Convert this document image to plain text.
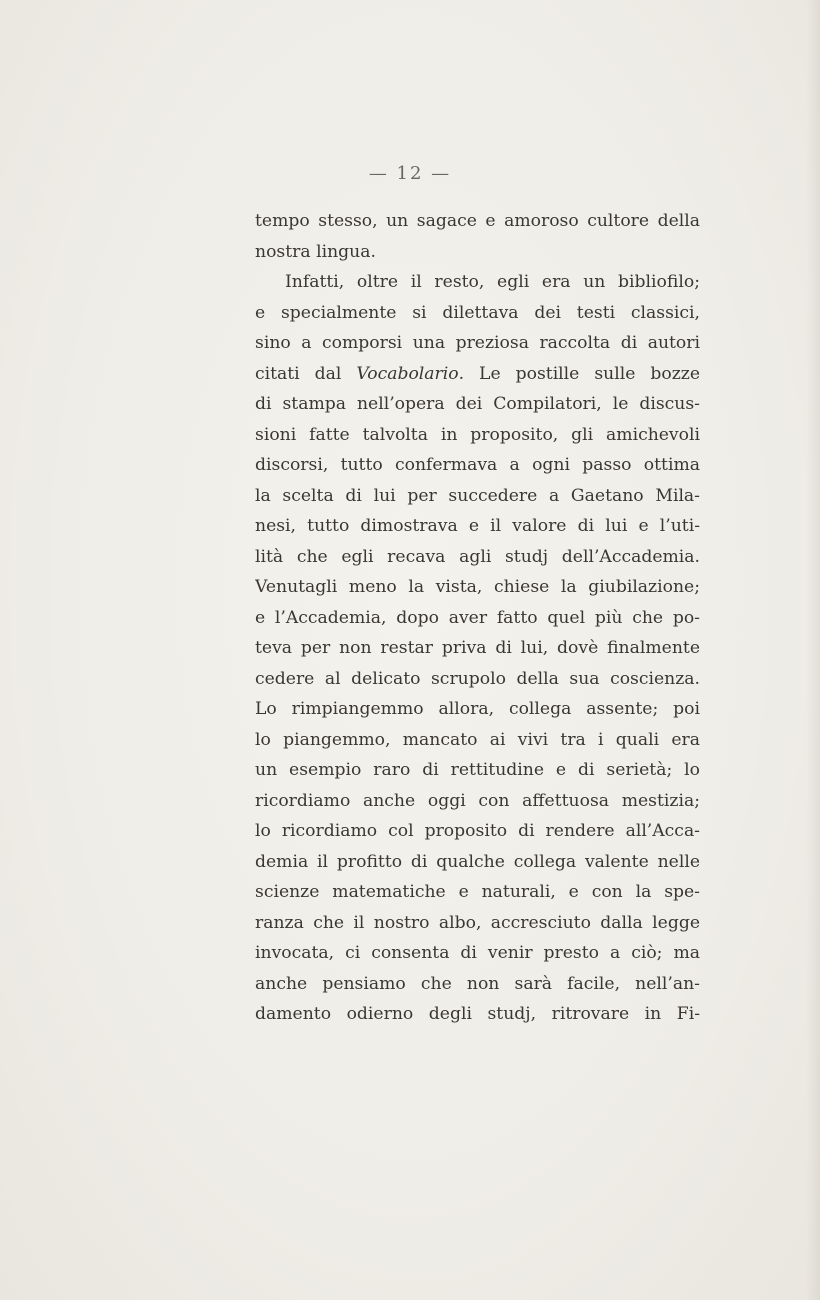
— 12 —
tempo stesso, un sagace e amoroso cultore della
nostra lingua.
Infatti, oltre il resto, egli era un bibliofilo;
e specialmente si dilettava dei testi classici,
sino a comporsi una preziosa raccolta di autori
citati dal Vocabolario. Le postille sulle bozze
di stampa nell’opera dei Compilatori, le discus-
sioni fatte talvolta in proposito, gli amichevoli
discorsi, tutto confermava a ogni passo ottima
la scelta di lui per succedere a Gaetano Mila-
nesi, tutto dimostrava e il valore di lui e l’uti-
lità che egli recava agli studj dell’Accademia.
Venutagli meno la vista, chiese la giubilazione;
e l’Accademia, dopo aver fatto quel più che po-
teva per non restar priva di lui, dovè finalmente
cedere al delicato scrupolo della sua coscienza.
Lo rimpiangemmo allora, collega assente; poi
lo piangemmo, mancato ai vivi tra i quali era
un esempio raro di rettitudine e di serietà; lo
ricordiamo anche oggi con affettuosa mestizia;
lo ricordiamo col proposito di rendere all’Acca-
demia il profitto di qualche collega valente nelle
scienze matematiche e naturali, e con la spe-
ranza che il nostro albo, accresciuto dalla legge
invocata, ci consenta di venir presto a ciò; ma
anche pensiamo che non sarà facile, nell’an-
damento odierno degli studj, ritrovare in Fi-
